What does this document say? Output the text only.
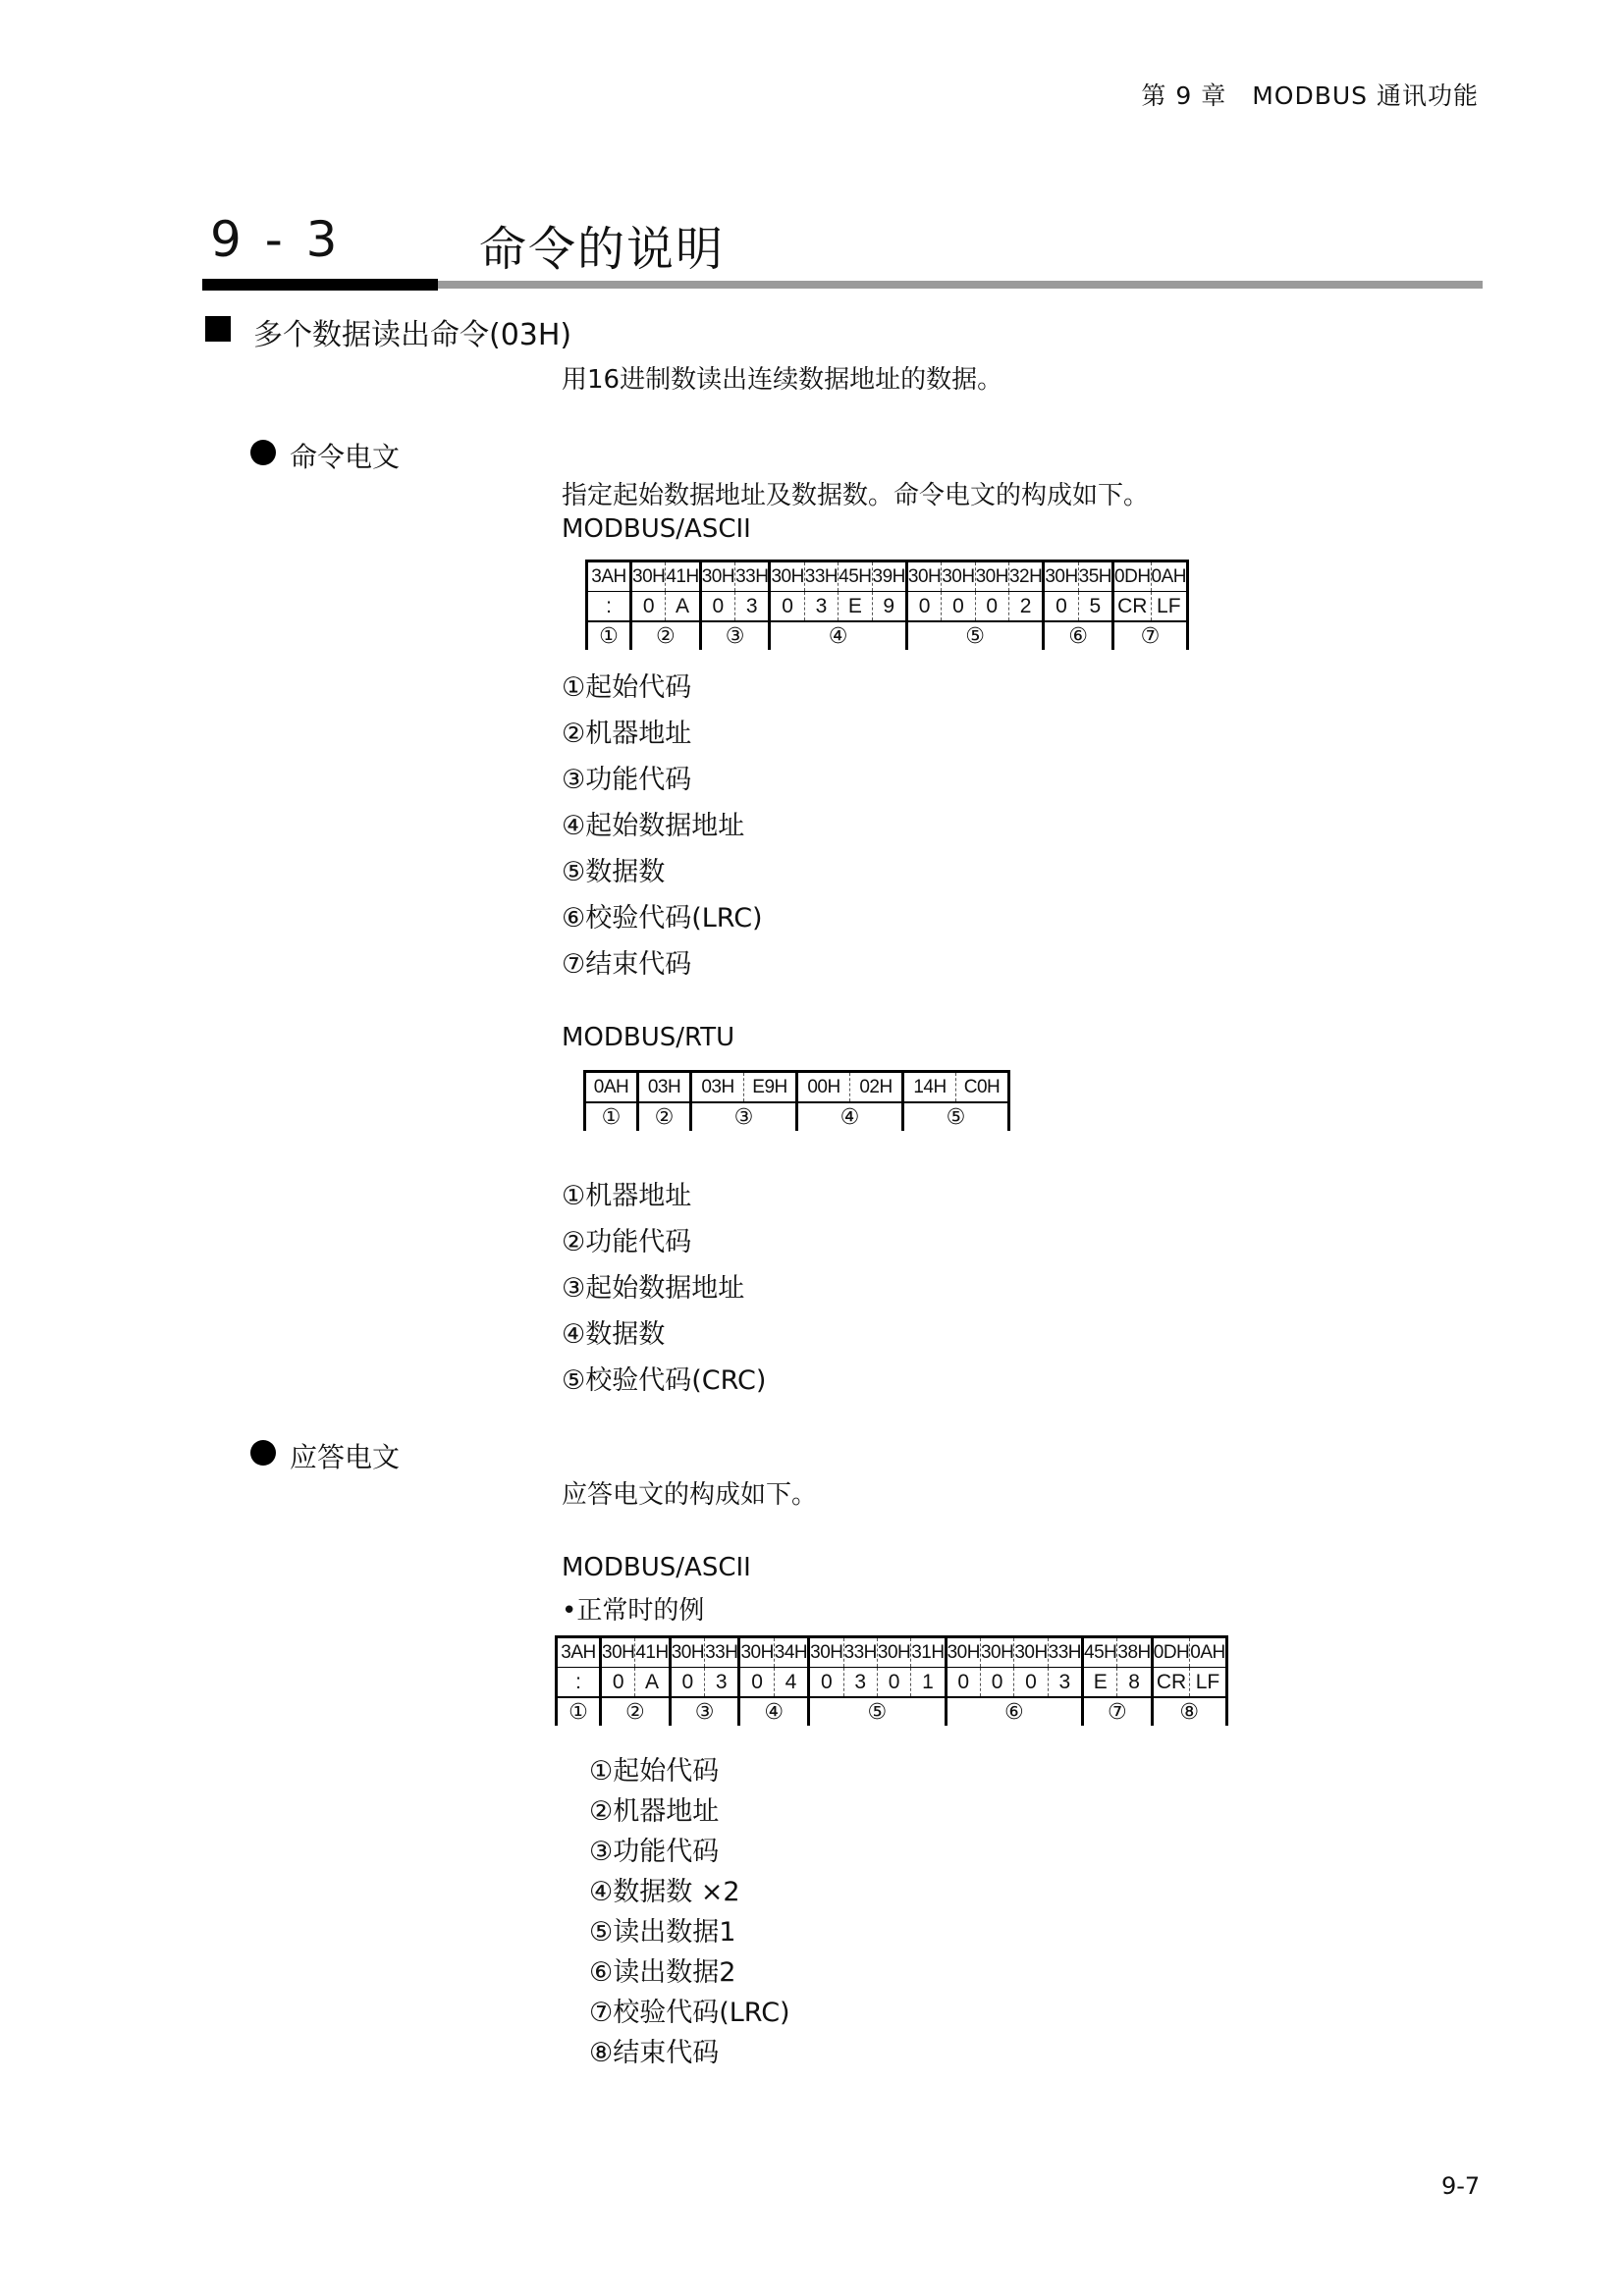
第 9 章　MODBUS 通讯功能
9 - 3	命令的说明
多个数据读出命令(03H)
用16进制数读出连续数据地址的数据。
命令电文
指定起始数据地址及数据数。命令电文的构成如下。
MODBUS/ASCII
3AH	30H	41H	30H	33H	30H	33H	45H	39H	30H	30H	30H	32H	30H	35H	0DH	0AH
:	0	A	0	3	0	3	E	9	0	0	0	2	0	5	CR	LF
①	②		③		④				⑤				⑥		⑦	
①起始代码
②机器地址
③功能代码
④起始数据地址
⑤数据数
⑥校验代码(LRC)
⑦结束代码
MODBUS/RTU
0AH	03H	03H	E9H	00H	02H	14H	C0H
①	②	③		④		⑤	
①机器地址
②功能代码
③起始数据地址
④数据数
⑤校验代码(CRC)
应答电文
应答电文的构成如下。
MODBUS/ASCII
•正常时的例
3AH	30H	41H	30H	33H	30H	34H	30H	33H	30H	31H	30H	30H	30H	33H	45H	38H	0DH	0AH
:	0	A	0	3	0	4	0	3	0	1	0	0	0	3	E	8	CR	LF
①	②		③		④		⑤				⑥				⑦		⑧	
①起始代码
②机器地址
③功能代码
④数据数 ×2
⑤读出数据1
⑥读出数据2
⑦校验代码(LRC)
⑧结束代码
9-7
